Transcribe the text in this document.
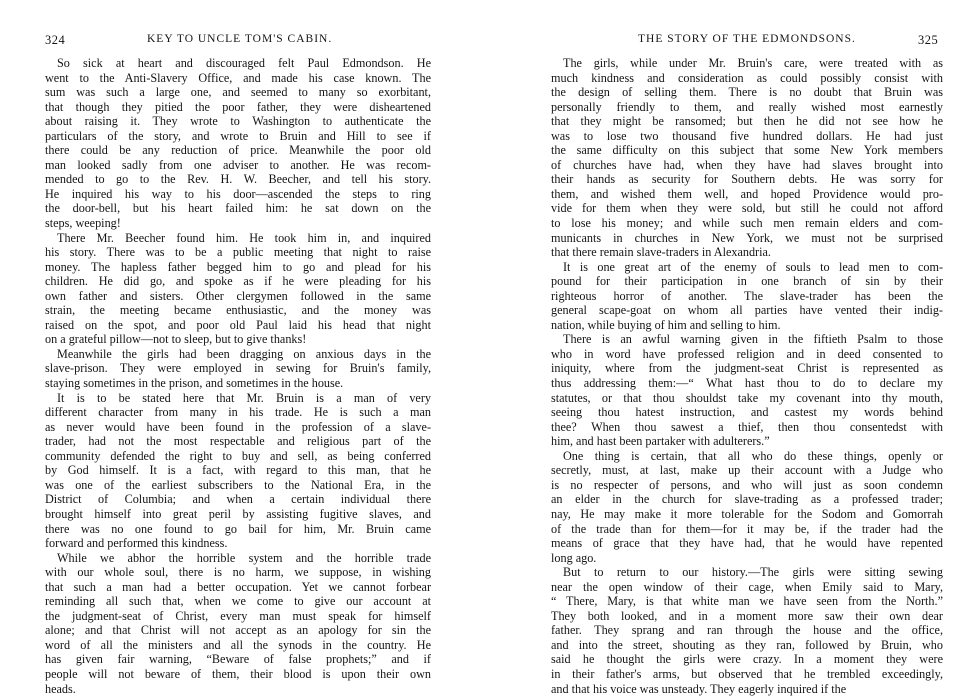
324	KEY TO UNCLE TOM'S CABIN.
So sick at heart and discouraged felt Paul Edmondson. He
went to the Anti-Slavery Office, and made his case known. The
sum was such a large one, and seemed to many so exorbitant,
that though they pitied the poor father, they were disheartened
about raising it. They wrote to Washington to authenticate the
particulars of the story, and wrote to Bruin and Hill to see if
there could be any reduction of price. Meanwhile the poor old
man looked sadly from one adviser to another. He was recom-
mended to go to the Rev. H. W. Beecher, and tell his story.
He inquired his way to his door—ascended the steps to ring
the door-bell, but his heart failed him: he sat down on the
steps, weeping!
There Mr. Beecher found him. He took him in, and inquired
his story. There was to be a public meeting that night to raise
money. The hapless father begged him to go and plead for his
children. He did go, and spoke as if he were pleading for his
own father and sisters. Other clergymen followed in the same
strain, the meeting became enthusiastic, and the money was
raised on the spot, and poor old Paul laid his head that night
on a grateful pillow—not to sleep, but to give thanks!
Meanwhile the girls had been dragging on anxious days in the
slave-prison. They were employed in sewing for Bruin's family,
staying sometimes in the prison, and sometimes in the house.
It is to be stated here that Mr. Bruin is a man of very
different character from many in his trade. He is such a man
as never would have been found in the profession of a slave-
trader, had not the most respectable and religious part of the
community defended the right to buy and sell, as being conferred
by God himself. It is a fact, with regard to this man, that he
was one of the earliest subscribers to the National Era, in the
District of Columbia; and when a certain individual there
brought himself into great peril by assisting fugitive slaves, and
there was no one found to go bail for him, Mr. Bruin came
forward and performed this kindness.
While we abhor the horrible system and the horrible trade
with our whole soul, there is no harm, we suppose, in wishing
that such a man had a better occupation. Yet we cannot forbear
reminding all such that, when we come to give our account at
the judgment-seat of Christ, every man must speak for himself
alone; and that Christ will not accept as an apology for sin the
word of all the ministers and all the synods in the country. He
has given fair warning, “Beware of false prophets;” and if
people will not beware of them, their blood is upon their own
heads.
THE STORY OF THE EDMONDSONS.	325
The girls, while under Mr. Bruin's care, were treated with as
much kindness and consideration as could possibly consist with
the design of selling them. There is no doubt that Bruin was
personally friendly to them, and really wished most earnestly
that they might be ransomed; but then he did not see how he
was to lose two thousand five hundred dollars. He had just
the same difficulty on this subject that some New York members
of churches have had, when they have had slaves brought into
their hands as security for Southern debts. He was sorry for
them, and wished them well, and hoped Providence would pro-
vide for them when they were sold, but still he could not afford
to lose his money; and while such men remain elders and com-
municants in churches in New York, we must not be surprised
that there remain slave-traders in Alexandria.
It is one great art of the enemy of souls to lead men to com-
pound for their participation in one branch of sin by their
righteous horror of another. The slave-trader has been the
general scape-goat on whom all parties have vented their indig-
nation, while buying of him and selling to him.
There is an awful warning given in the fiftieth Psalm to those
who in word have professed religion and in deed consented to
iniquity, where from the judgment-seat Christ is represented as
thus addressing them:—“ What hast thou to do to declare my
statutes, or that thou shouldst take my covenant into thy mouth,
seeing thou hatest instruction, and castest my words behind
thee? When thou sawest a thief, then thou consentedst with
him, and hast been partaker with adulterers.”
One thing is certain, that all who do these things, openly or
secretly, must, at last, make up their account with a Judge who
is no respecter of persons, and who will just as soon condemn
an elder in the church for slave-trading as a professed trader;
nay, He may make it more tolerable for the Sodom and Gomorrah
of the trade than for them—for it may be, if the trader had the
means of grace that they have had, that he would have repented
long ago.
But to return to our history.—The girls were sitting sewing
near the open window of their cage, when Emily said to Mary,
“ There, Mary, is that white man we have seen from the North.”
They both looked, and in a moment more saw their own dear
father. They sprang and ran through the house and the office,
and into the street, shouting as they ran, followed by Bruin, who
said he thought the girls were crazy. In a moment they were
in their father's arms, but observed that he trembled exceedingly,
and that his voice was unsteady. They eagerly inquired if the
